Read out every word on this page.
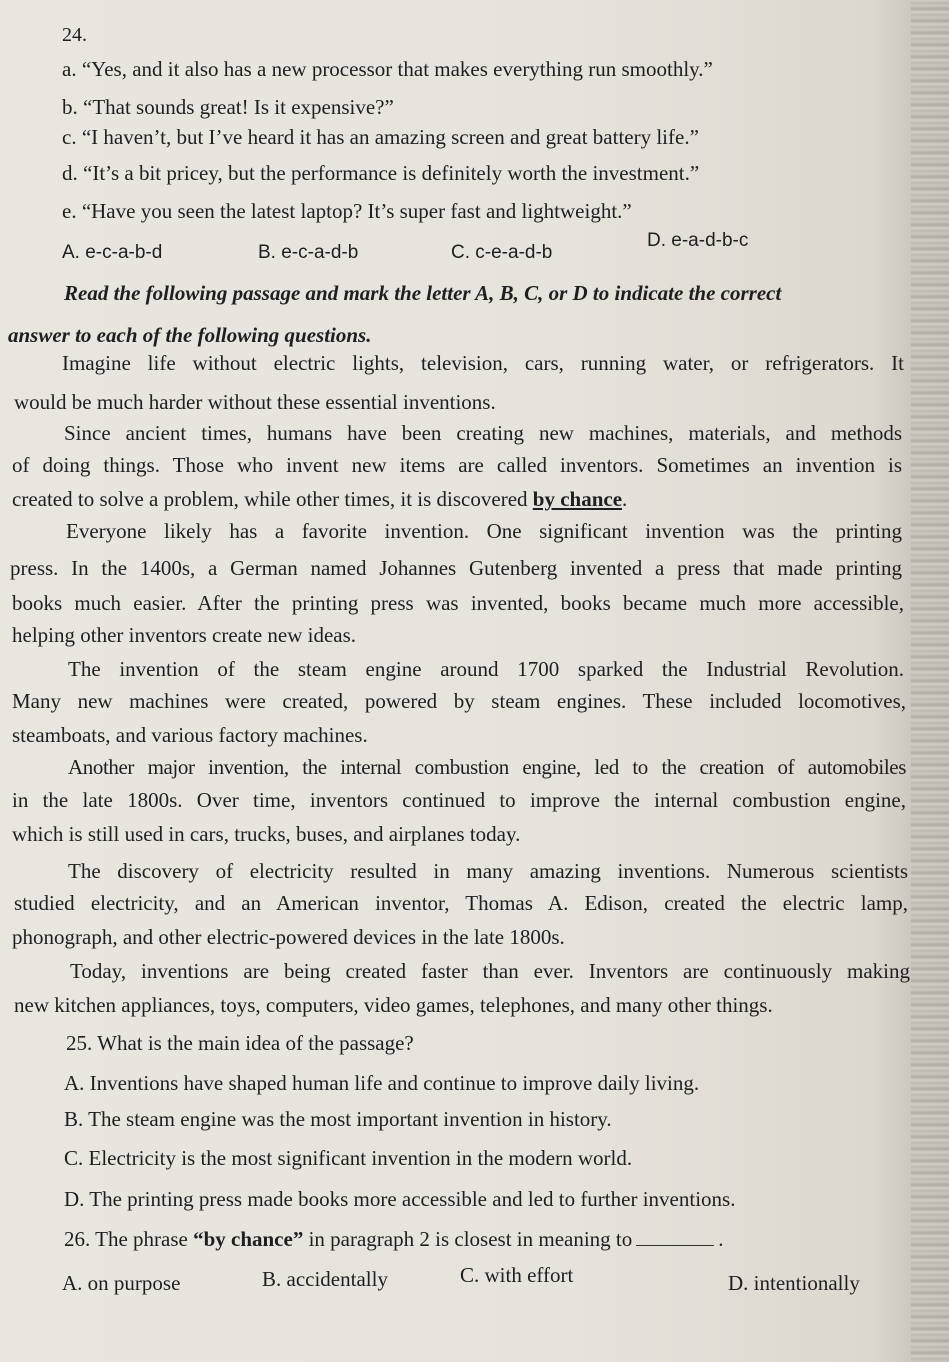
24.
a. “Yes, and it also has a new processor that makes everything run smoothly.”
b. “That sounds great! Is it expensive?”
c. “I haven’t, but I’ve heard it has an amazing screen and great battery life.”
d. “It’s a bit pricey, but the performance is definitely worth the investment.”
e. “Have you seen the latest laptop? It’s super fast and lightweight.”
A. e-c-a-b-d	B. e-c-a-d-b	C. c-e-a-d-b
D. e-a-d-b-c
Read the following passage and mark the letter A, B, C, or D to indicate the correct
answer to each of the following questions.
Imagine life without electric lights, television, cars, running water, or refrigerators. It
would be much harder without these essential inventions.
Since ancient times, humans have been creating new machines, materials, and methods
of doing things. Those who invent new items are called inventors. Sometimes an invention is
created to solve a problem, while other times, it is discovered by chance.
Everyone likely has a favorite invention. One significant invention was the printing
press. In the 1400s, a German named Johannes Gutenberg invented a press that made printing
books much easier. After the printing press was invented, books became much more accessible,
helping other inventors create new ideas.
The invention of the steam engine around 1700 sparked the Industrial Revolution.
Many new machines were created, powered by steam engines. These included locomotives,
steamboats, and various factory machines.
Another major invention, the internal combustion engine, led to the creation of automobiles
in the late 1800s. Over time, inventors continued to improve the internal combustion engine,
which is still used in cars, trucks, buses, and airplanes today.
The discovery of electricity resulted in many amazing inventions. Numerous scientists
studied electricity, and an American inventor, Thomas A. Edison, created the electric lamp,
phonograph, and other electric-powered devices in the late 1800s.
Today, inventions are being created faster than ever. Inventors are continuously making
new kitchen appliances, toys, computers, video games, telephones, and many other things.
25. What is the main idea of the passage?
A. Inventions have shaped human life and continue to improve daily living.
B. The steam engine was the most important invention in history.
C. Electricity is the most significant invention in the modern world.
D. The printing press made books more accessible and led to further inventions.
26. The phrase “by chance” in paragraph 2 is closest in meaning to	.
A. on purpose	B. accidentally	C. with effort	D. intentionally
